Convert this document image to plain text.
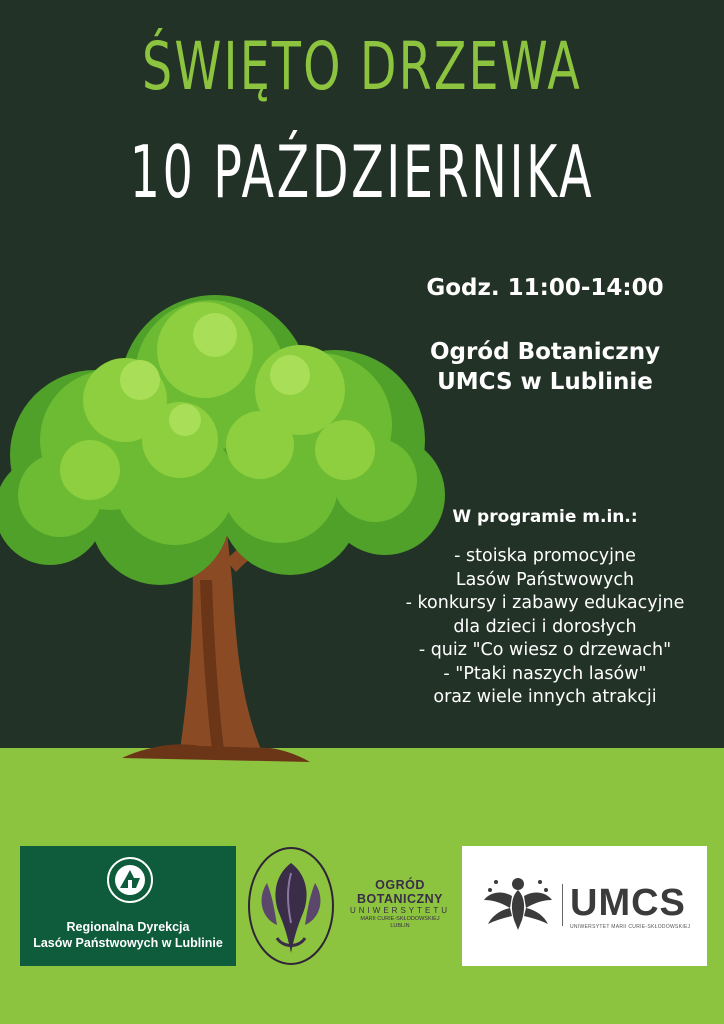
ŚWIĘTO DRZEWA
10 PAŹDZIERNIKA
Godz. 11:00-14:00
Ogród Botaniczny
UMCS w Lublinie
W programie m.in.:
- stoiska promocyjne
Lasów Państwowych
- konkursy i zabawy edukacyjne
dla dzieci i dorosłych
- quiz "Co wiesz o drzewach"
- "Ptaki naszych lasów"
oraz wiele innych atrakcji
Regionalna Dyrekcja
Lasów Państwowych w Lublinie
OGRÓD
BOTANICZNY
UNIWERSYTETU
MARII CURIE-SKŁODOWSKIEJ
LUBLIN
UMCS
UNIWERSYTET MARII CURIE-SKŁODOWSKIEJ
